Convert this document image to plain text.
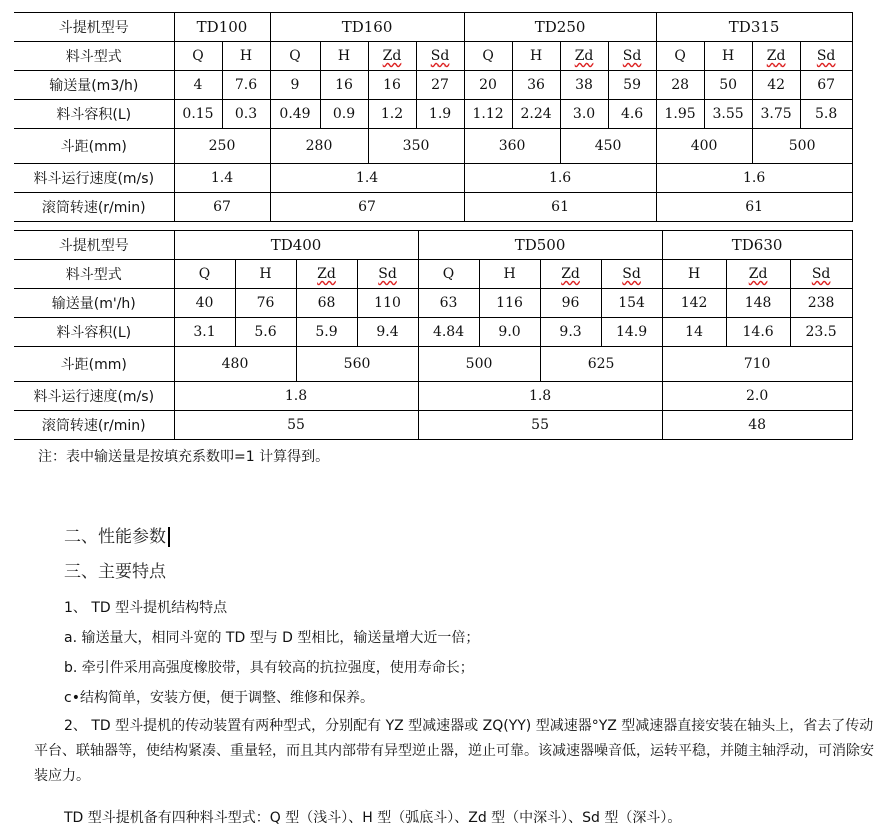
斗提机型号	TD100		TD160				TD250				TD315			
料斗型式	Q	H	Q	H	Zd	Sd	Q	H	Zd	Sd	Q	H	Zd	Sd
输送量(m3/h)	4	7.6	9	16	16	27	20	36	38	59	28	50	42	67
料斗容积(L)	0.15	0.3	0.49	0.9	1.2	1.9	1.12	2.24	3.0	4.6	1.95	3.55	3.75	5.8
斗距(mm)	250		280		350		360		450		400		500	
料斗运行速度(m/s)	1.4		1.4				1.6				1.6			
滚筒转速(r/min)	67		67				61				61			
斗提机型号	TD400				TD500				TD630		
料斗型式	Q	H	Zd	Sd	Q	H	Zd	Sd	H	Zd	Sd
输送量(m'/h)	40	76	68	110	63	116	96	154	142	148	238
料斗容积(L)	3.1	5.6	5.9	9.4	4.84	9.0	9.3	14.9	14	14.6	23.5
斗距(mm)	480		560		500		625		710		
料斗运行速度(m/s)	1.8				1.8				2.0		
滚筒转速(r/min)	55				55				48		
注：表中输送量是按填充系数叩=1 计算得到。
二、性能参数
三、主要特点
1、 TD 型斗提机结构特点
a. 输送量大，相同斗宽的 TD 型与 D 型相比，输送量增大近一倍；
b. 牵引件采用高强度橡胶带，具有较高的抗拉强度，使用寿命长；
c•结构简单，安装方便，便于调整、维修和保养。
2、 TD 型斗提机的传动装置有两种型式，分别配有 YZ 型减速器或 ZQ(YY) 型减速器°YZ 型减速器直接安装在轴头上，省去了传动平台、联轴器等，使结构紧凑、重量轻，而且其内部带有异型逆止器，逆止可靠。该减速器噪音低，运转平稳，并随主轴浮动，可消除安装应力。
TD 型斗提机备有四种料斗型式：Q 型（浅斗）、H 型（弧底斗）、Zd 型（中深斗）、Sd 型（深斗）。
